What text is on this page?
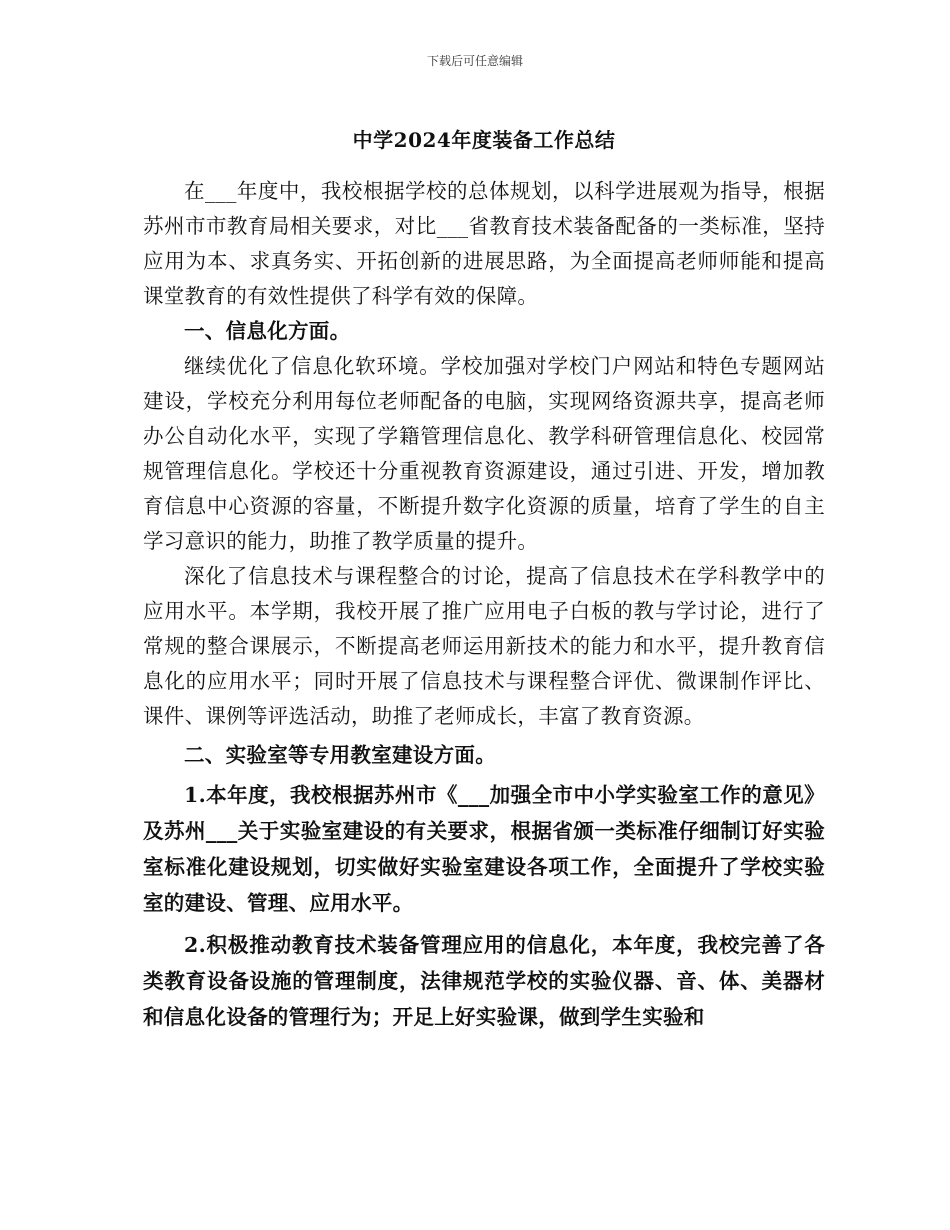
下载后可任意编辑
中学2024年度装备工作总结

在___年度中，我校根据学校的总体规划，以科学进展观为指导，根据苏州市市教育局相关要求，对比___省教育技术装备配备的一类标准，坚持应用为本、求真务实、开拓创新的进展思路，为全面提高老师师能和提高课堂教育的有效性提供了科学有效的保障。

一、信息化方面。

继续优化了信息化软环境。学校加强对学校门户网站和特色专题网站建设，学校充分利用每位老师配备的电脑，实现网络资源共享，提高老师办公自动化水平，实现了学籍管理信息化、教学科研管理信息化、校园常规管理信息化。学校还十分重视教育资源建设，通过引进、开发，增加教育信息中心资源的容量，不断提升数字化资源的质量，培育了学生的自主学习意识的能力，助推了教学质量的提升。

深化了信息技术与课程整合的讨论，提高了信息技术在学科教学中的应用水平。本学期，我校开展了推广应用电子白板的教与学讨论，进行了常规的整合课展示，不断提高老师运用新技术的能力和水平，提升教育信息化的应用水平；同时开展了信息技术与课程整合评优、微课制作评比、课件、课例等评选活动，助推了老师成长，丰富了教育资源。

二、实验室等专用教室建设方面。

1.本年度，我校根据苏州市《___加强全市中小学实验室工作的意见》及苏州___关于实验室建设的有关要求，根据省颁一类标准仔细制订好实验室标准化建设规划，切实做好实验室建设各项工作，全面提升了学校实验室的建设、管理、应用水平。

2.积极推动教育技术装备管理应用的信息化，本年度，我校完善了各类教育设备设施的管理制度，法律规范学校的实验仪器、音、体、美器材和信息化设备的管理行为；开足上好实验课，做到学生实验和
